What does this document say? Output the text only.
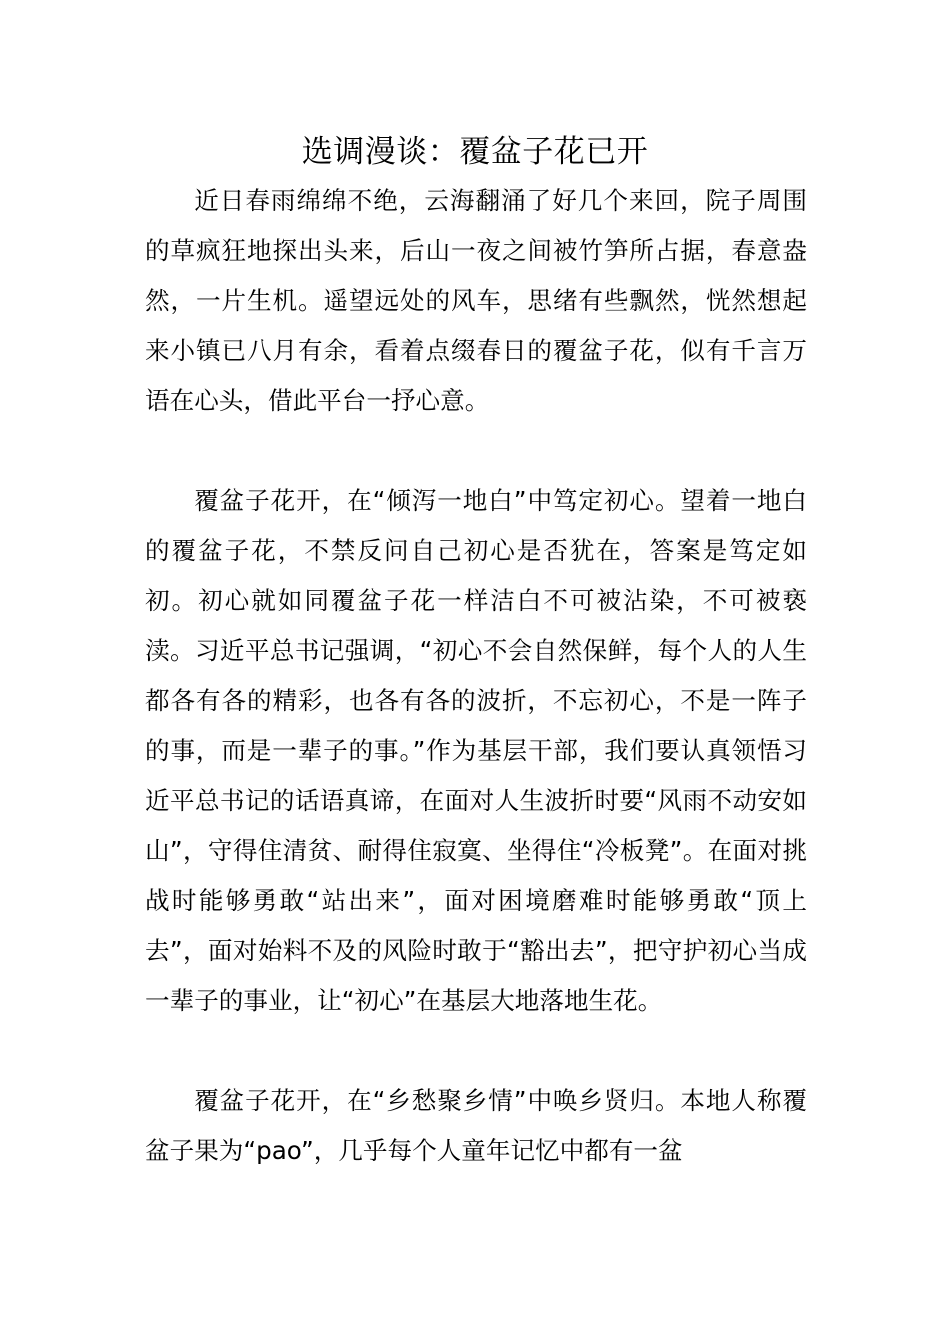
选调漫谈：覆盆子花已开

近日春雨绵绵不绝，云海翻涌了好几个来回，院子周围的草疯狂地探出头来，后山一夜之间被竹笋所占据，春意盎然，一片生机。遥望远处的风车，思绪有些飘然，恍然想起来小镇已八月有余，看着点缀春日的覆盆子花，似有千言万语在心头，借此平台一抒心意。

覆盆子花开，在“倾泻一地白”中笃定初心。望着一地白的覆盆子花，不禁反问自己初心是否犹在，答案是笃定如初。初心就如同覆盆子花一样洁白不可被沾染，不可被亵渎。习近平总书记强调，“初心不会自然保鲜，每个人的人生都各有各的精彩，也各有各的波折，不忘初心，不是一阵子的事，而是一辈子的事。”作为基层干部，我们要认真领悟习近平总书记的话语真谛，在面对人生波折时要“风雨不动安如山”，守得住清贫、耐得住寂寞、坐得住“冷板凳”。在面对挑战时能够勇敢“站出来”，面对困境磨难时能够勇敢“顶上去”，面对始料不及的风险时敢于“豁出去”，把守护初心当成一辈子的事业，让“初心”在基层大地落地生花。

覆盆子花开，在“乡愁聚乡情”中唤乡贤归。本地人称覆盆子果为“pao”，几乎每个人童年记忆中都有一盆
